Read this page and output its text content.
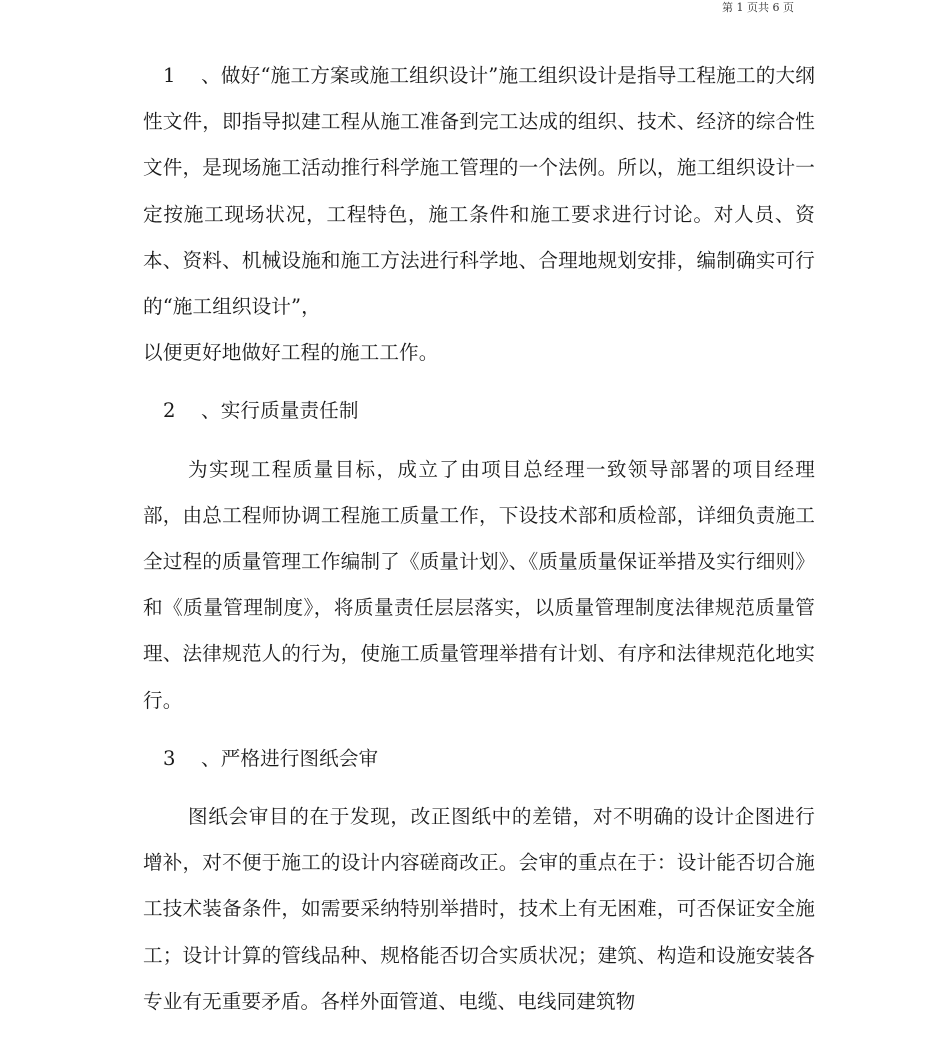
第 1 页共 6 页
1 、做好“施工方案或施工组织设计”施工组织设计是指导工程施工的大纲性文件，即指导拟建工程从施工准备到完工达成的组织、技术、经济的综合性文件，是现场施工活动推行科学施工管理的一个法例。所以，施工组织设计一定按施工现场状况，工程特色，施工条件和施工要求进行讨论。对人员、资本、资料、机械设施和施工方法进行科学地、合理地规划安排，编制确实可行的“施工组织设计”，
以便更好地做好工程的施工工作。
2 、实行质量责任制
为实现工程质量目标，成立了由项目总经理一致领导部署的项目经理部，由总工程师协调工程施工质量工作，下设技术部和质检部，详细负责施工全过程的质量管理工作编制了《质量计划》、《质量质量保证举措及实行细则》和《质量管理制度》，将质量责任层层落实，以质量管理制度法律规范质量管理、法律规范人的行为，使施工质量管理举措有计划、有序和法律规范化地实行。
3 、严格进行图纸会审
图纸会审目的在于发现，改正图纸中的差错，对不明确的设计企图进行增补，对不便于施工的设计内容磋商改正。会审的重点在于：设计能否切合施工技术装备条件，如需要采纳特别举措时，技术上有无困难，可否保证安全施工；设计计算的管线品种、规格能否切合实质状况；建筑、构造和设施安装各专业有无重要矛盾。各样外面管道、电缆、电线同建筑物
